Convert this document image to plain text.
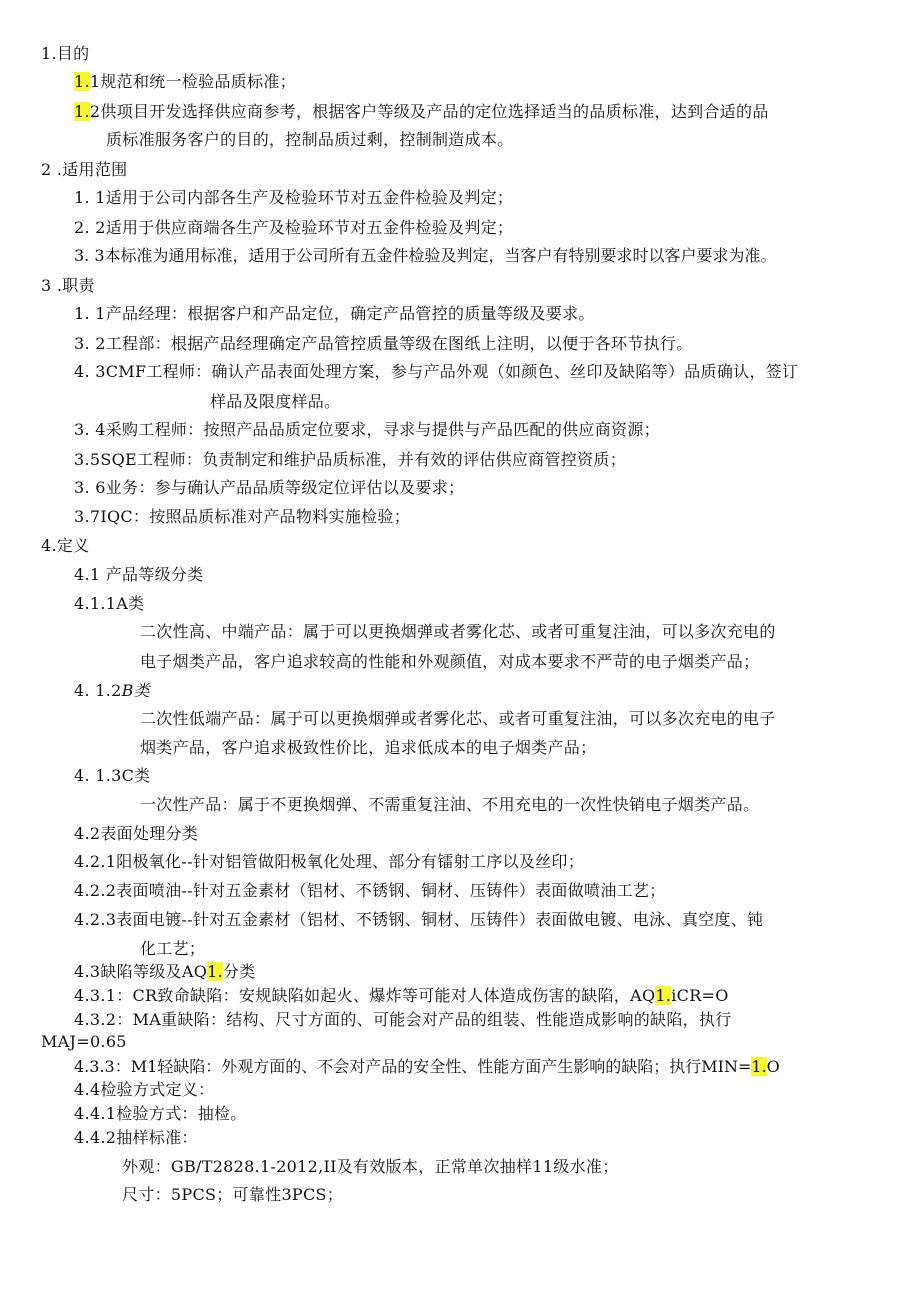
1.目的
1.1规范和统一检验品质标准；
1.2供项目开发选择供应商参考，根据客户等级及产品的定位选择适当的品质标准，达到合适的品
质标准服务客户的目的，控制品质过剩，控制制造成本。
2 .适用范围
1. 1适用于公司内部各生产及检验环节对五金件检验及判定；
2. 2适用于供应商端各生产及检验环节对五金件检验及判定；
3. 3本标准为通用标准，适用于公司所有五金件检验及判定，当客户有特别要求时以客户要求为准。
3 .职责
1. 1产品经理：根据客户和产品定位，确定产品管控的质量等级及要求。
3. 2工程部：根据产品经理确定产品管控质量等级在图纸上注明，以便于各环节执行。
4. 3CMF工程师：确认产品表面处理方案，参与产品外观（如颜色、丝印及缺陷等）品质确认，签订
样品及限度样品。
3. 4采购工程师：按照产品品质定位要求，寻求与提供与产品匹配的供应商资源；
3.5SQE工程师：负责制定和维护品质标准，并有效的评估供应商管控资质；
3. 6业务：参与确认产品品质等级定位评估以及要求；
3.7IQC：按照品质标准对产品物料实施检验；
4.定义
4.1 产品等级分类
4.1.1A类
二次性高、中端产品：属于可以更换烟弹或者雾化芯、或者可重复注油，可以多次充电的
电子烟类产品，客户追求较高的性能和外观颜值，对成本要求不严苛的电子烟类产品；
4. 1.2B类
二次性低端产品：属于可以更换烟弹或者雾化芯、或者可重复注油，可以多次充电的电子
烟类产品，客户追求极致性价比，追求低成本的电子烟类产品；
4. 1.3C类
一次性产品：属于不更换烟弹、不需重复注油、不用充电的一次性快销电子烟类产品。
4.2表面处理分类
4.2.1阳极氧化--针对铝管做阳极氧化处理、部分有镭射工序以及丝印；
4.2.2表面喷油--针对五金素材（铝材、不锈钢、铜材、压铸件）表面做喷油工艺；
4.2.3表面电镀--针对五金素材（铝材、不锈钢、铜材、压铸件）表面做电镀、电泳、真空度、钝
化工艺；
4.3缺陷等级及AQ1.分类
4.3.1：CR致命缺陷：安规缺陷如起火、爆炸等可能对人体造成伤害的缺陷，AQ1.iCR=O
4.3.2：MA重缺陷：结构、尺寸方面的、可能会对产品的组装、性能造成影响的缺陷，执行
MAJ=0.65
4.3.3：M1轻缺陷：外观方面的、不会对产品的安全性、性能方面产生影响的缺陷；执行MIN=1.O
4.4检验方式定义：
4.4.1检验方式：抽检。
4.4.2抽样标准：
外观：GB/T2828.1-2012,II及有效版本，正常单次抽样11级水准；
尺寸：5PCS；可靠性3PCS；
